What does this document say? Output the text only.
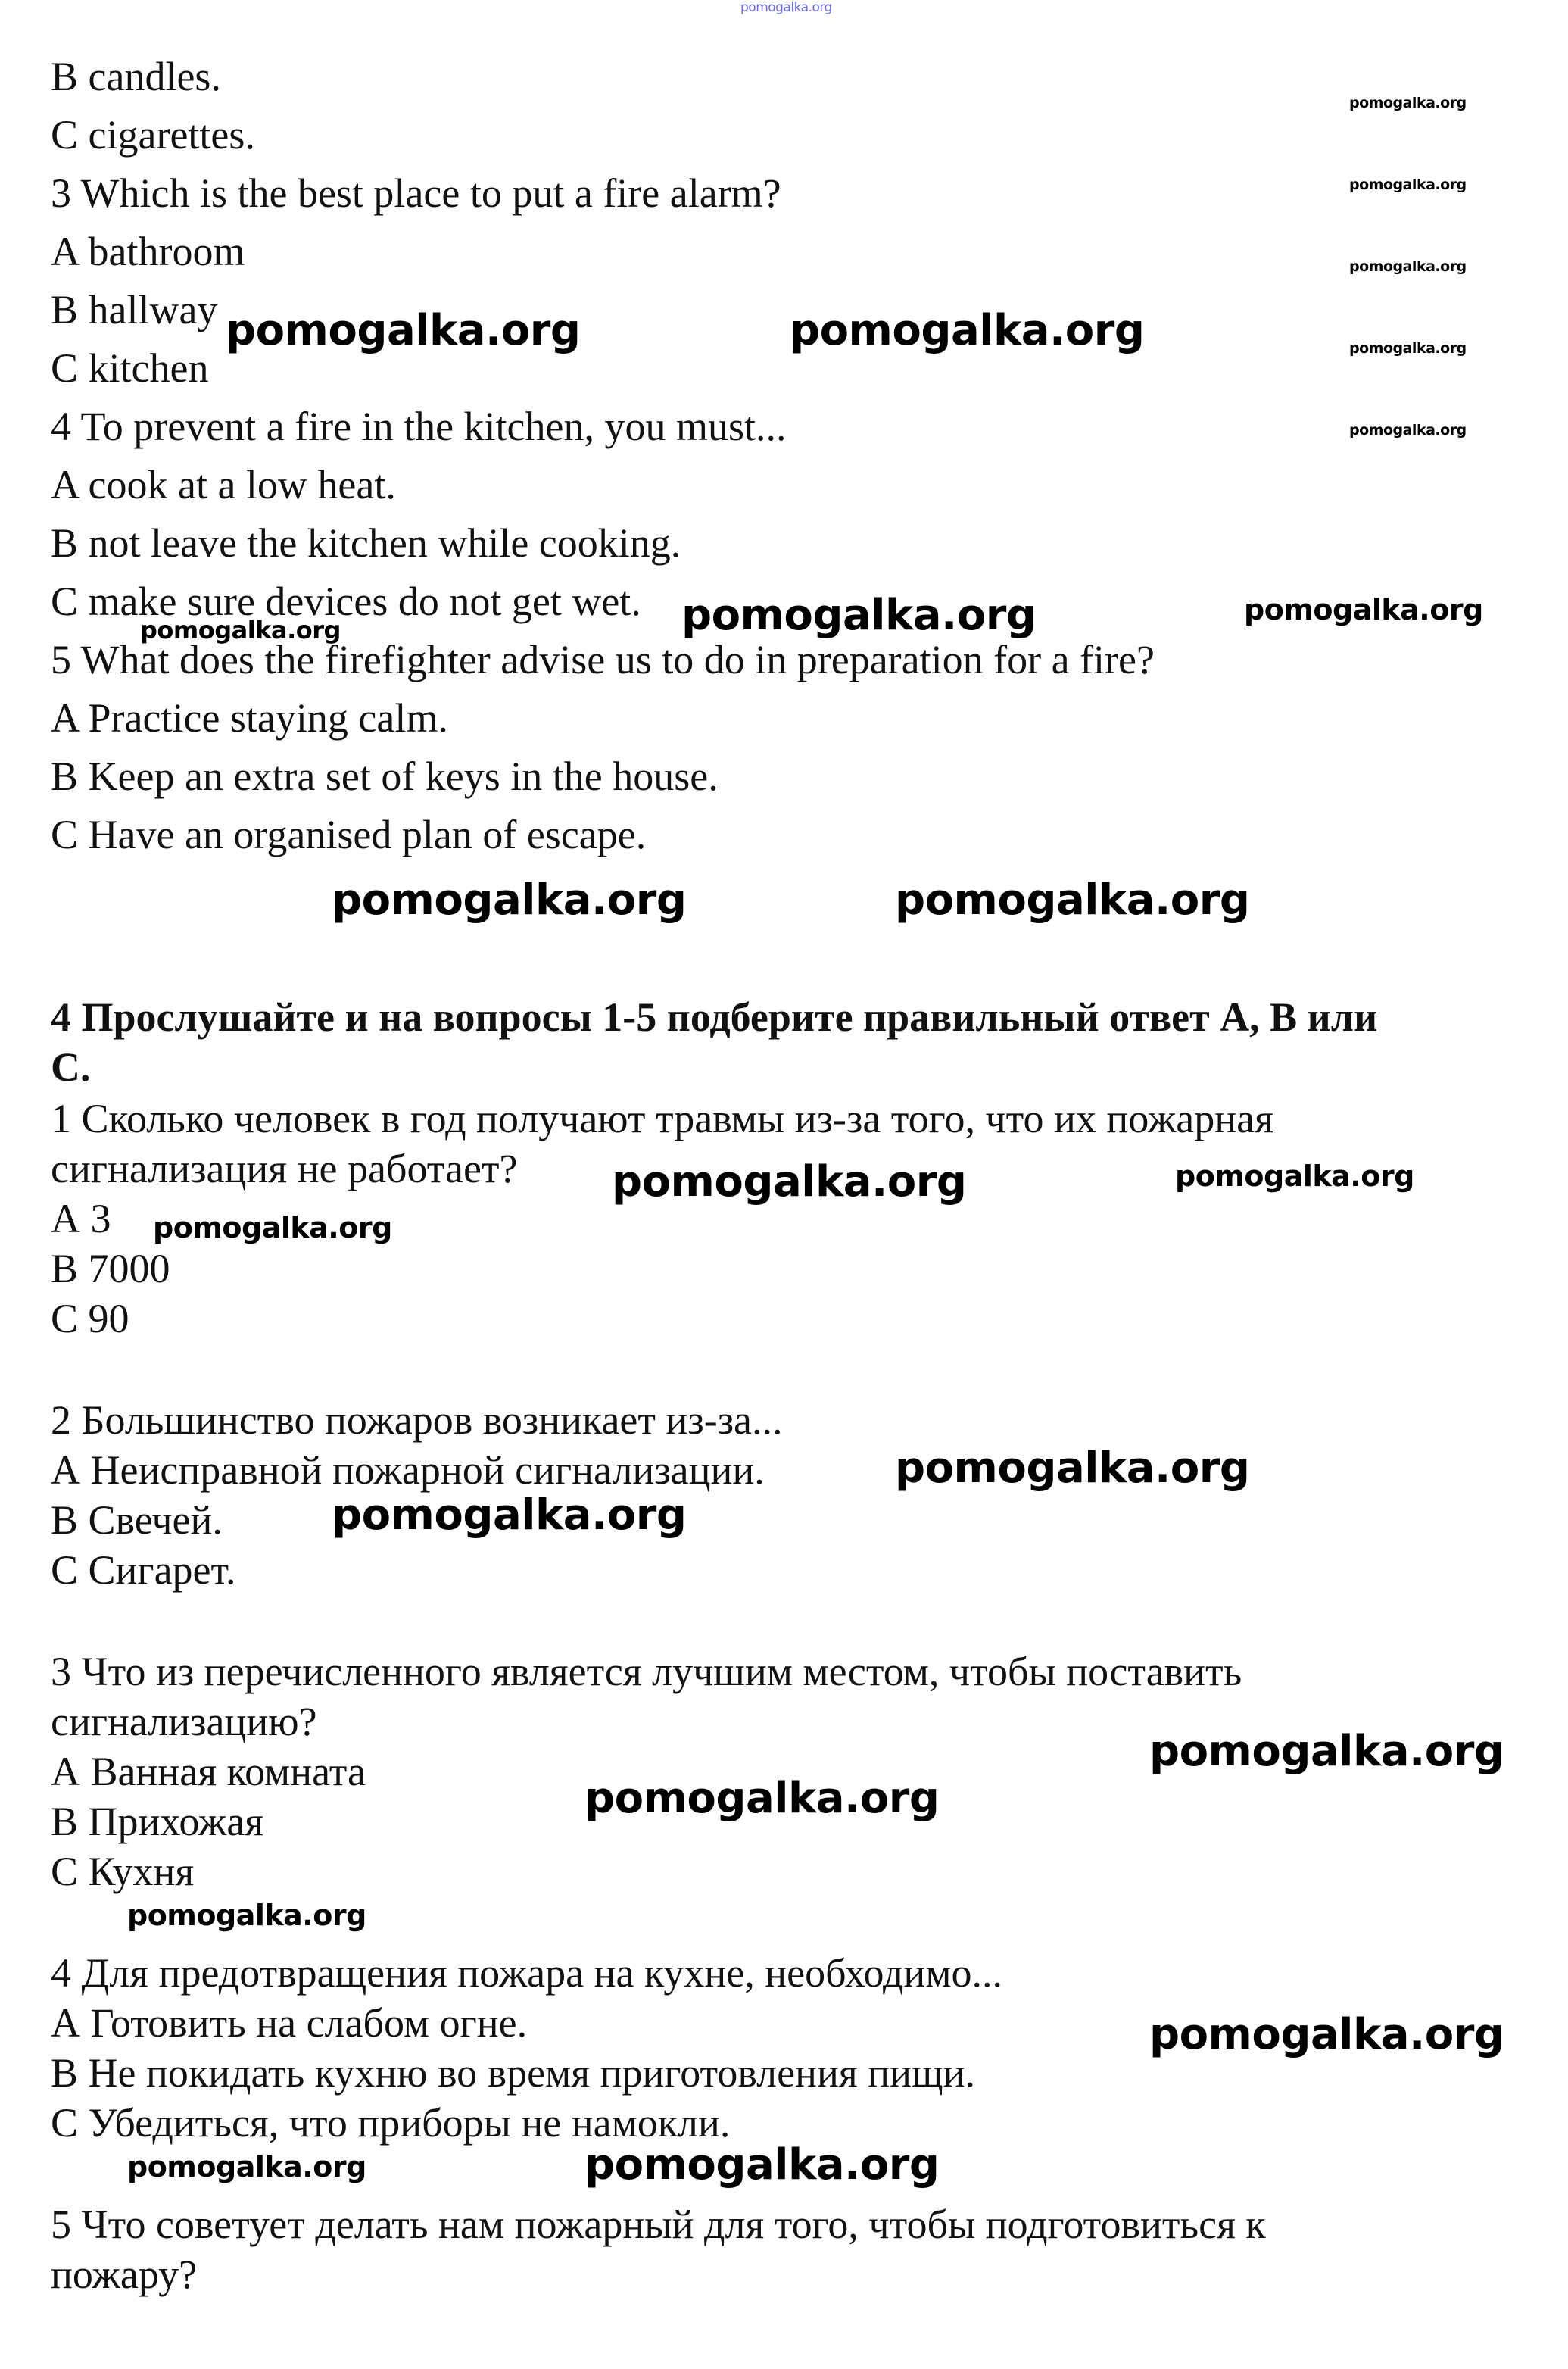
pomogalka.org
B candles.
C cigarettes.
3 Which is the best place to put a fire alarm?
A bathroom
B hallway
C kitchen
4 To prevent a fire in the kitchen, you must...
A cook at a low heat.
B not leave the kitchen while cooking.
C make sure devices do not get wet.
5 What does the firefighter advise us to do in preparation for a fire?
A Practice staying calm.
B Keep an extra set of keys in the house.
C Have an organised plan of escape.
4 Прослушайте и на вопросы 1-5 подберите правильный ответ А, В или
С.
1 Сколько человек в год получают травмы из-за того, что их пожарная
сигнализация не работает?
А 3
В 7000
С 90
2 Большинство пожаров возникает из-за...
А Неисправной пожарной сигнализации.
В Свечей.
С Сигарет.
3 Что из перечисленного является лучшим местом, чтобы поставить
сигнализацию?
А Ванная комната
В Прихожая
С Кухня
4 Для предотвращения пожара на кухне, необходимо...
А Готовить на слабом огне.
В Не покидать кухню во время приготовления пищи.
С Убедиться, что приборы не намокли.
5 Что советует делать нам пожарный для того, чтобы подготовиться к
пожару?
pomogalka.org
pomogalka.org
pomogalka.org
pomogalka.org
pomogalka.org
pomogalka.org	pomogalka.org
pomogalka.org	pomogalka.org
pomogalka.org
pomogalka.org	pomogalka.org
pomogalka.org	pomogalka.org
pomogalka.org
pomogalka.org
pomogalka.org
pomogalka.org
pomogalka.org
pomogalka.org
pomogalka.org
pomogalka.org	pomogalka.org
